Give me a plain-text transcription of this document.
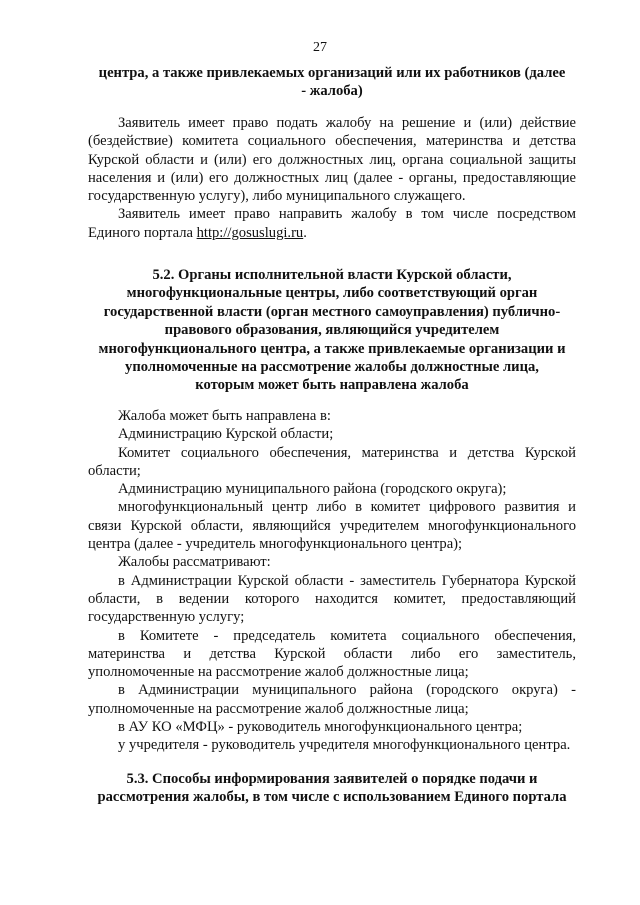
27
центра, а также привлекаемых организаций или их работников (далее
- жалоба)

Заявитель имеет право подать жалобу на решение и (или) действие (бездействие) комитета социального обеспечения, материнства и детства Курской области и (или) его должностных лиц, органа социальной защиты населения и (или) его должностных лиц (далее - органы, предоставляющие государственную услугу), либо муниципального служащего.

Заявитель имеет право направить жалобу в том числе посредством Единого портала http://gosuslugi.ru.

5.2. Органы исполнительной власти Курской области,
многофункциональные центры, либо соответствующий орган
государственной власти (орган местного самоуправления) публично-
правового образования, являющийся учредителем
многофункционального центра, а также привлекаемые организации и
уполномоченные на рассмотрение жалобы должностные лица,
которым может быть направлена жалоба

Жалоба может быть направлена в:

Администрацию Курской области;

Комитет социального обеспечения, материнства и детства Курской области;

Администрацию муниципального района (городского округа);

многофункциональный центр либо в комитет цифрового развития и связи Курской области, являющийся учредителем многофункционального центра (далее - учредитель многофункционального центра);

Жалобы рассматривают:

в Администрации Курской области - заместитель Губернатора Курской области, в ведении которого находится комитет, предоставляющий государственную услугу;

в Комитете - председатель комитета социального обеспечения, материнства и детства Курской области либо его заместитель, уполномоченные на рассмотрение жалоб должностные лица;

в Администрации муниципального района (городского округа) - уполномоченные на рассмотрение жалоб должностные лица;

в АУ КО «МФЦ» - руководитель многофункционального центра;

у учредителя - руководитель учредителя многофункционального центра.

5.3. Способы информирования заявителей о порядке подачи и
рассмотрения жалобы, в том числе с использованием Единого портала
